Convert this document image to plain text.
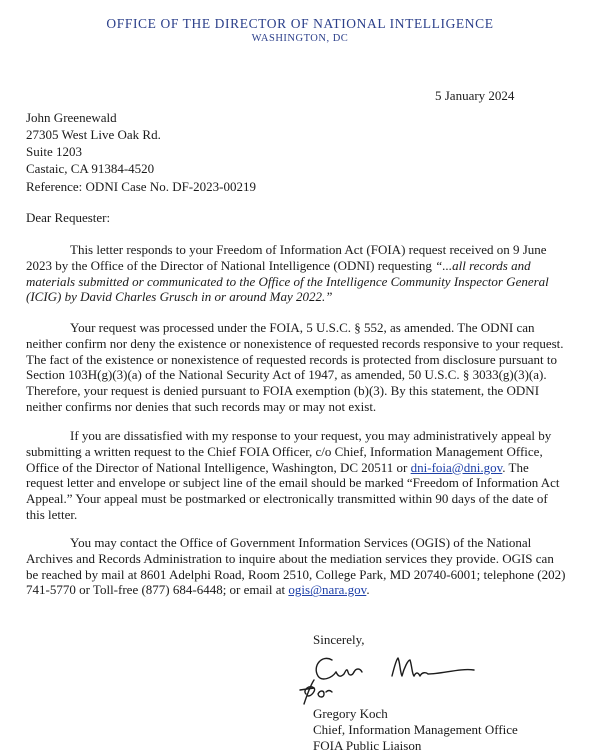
OFFICE OF THE DIRECTOR OF NATIONAL INTELLIGENCE
WASHINGTON, DC
5 January 2024
John Greenewald
27305 West Live Oak Rd.
Suite 1203
Castaic, CA 91384-4520
Reference: ODNI Case No. DF-2023-00219
Dear Requester:
This letter responds to your Freedom of Information Act (FOIA) request received on 9 June 2023 by the Office of the Director of National Intelligence (ODNI) requesting “...all records and materials submitted or communicated to the Office of the Intelligence Community Inspector General (ICIG) by David Charles Grusch in or around May 2022.”
Your request was processed under the FOIA, 5 U.S.C. § 552, as amended. The ODNI can neither confirm nor deny the existence or nonexistence of requested records responsive to your request. The fact of the existence or nonexistence of requested records is protected from disclosure pursuant to Section 103H(g)(3)(a) of the National Security Act of 1947, as amended, 50 U.S.C. § 3033(g)(3)(a). Therefore, your request is denied pursuant to FOIA exemption (b)(3). By this statement, the ODNI neither confirms nor denies that such records may or may not exist.
If you are dissatisfied with my response to your request, you may administratively appeal by submitting a written request to the Chief FOIA Officer, c/o Chief, Information Management Office, Office of the Director of National Intelligence, Washington, DC 20511 or dni-foia@dni.gov. The request letter and envelope or subject line of the email should be marked “Freedom of Information Act Appeal.” Your appeal must be postmarked or electronically transmitted within 90 days of the date of this letter.
You may contact the Office of Government Information Services (OGIS) of the National Archives and Records Administration to inquire about the mediation services they provide. OGIS can be reached by mail at 8601 Adelphi Road, Room 2510, College Park, MD 20740-6001; telephone (202) 741-5770 or Toll-free (877) 684-6448; or email at ogis@nara.gov.
Sincerely,
Gregory Koch
Chief, Information Management Office
FOIA Public Liaison
